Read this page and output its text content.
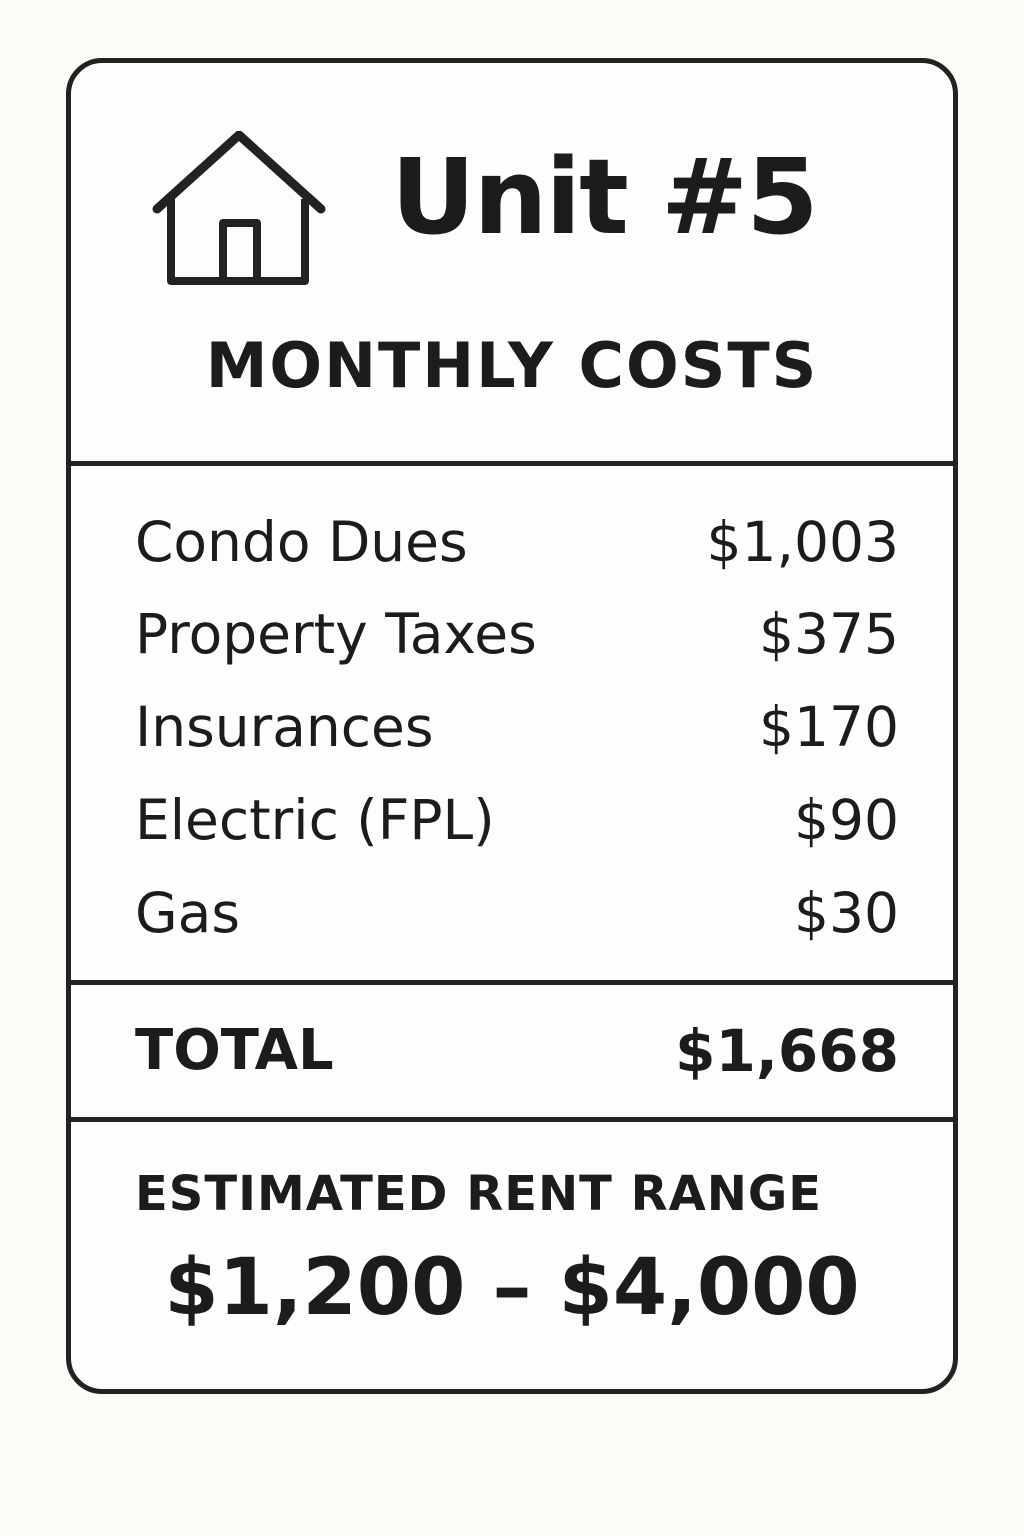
Unit #5
MONTHLY COSTS
Condo Dues	$1,003
Property Taxes	$375
Insurances	$170
Electric (FPL)	$90
Gas	$30
TOTAL	$1,668
ESTIMATED RENT RANGE
$1,200 – $4,000
